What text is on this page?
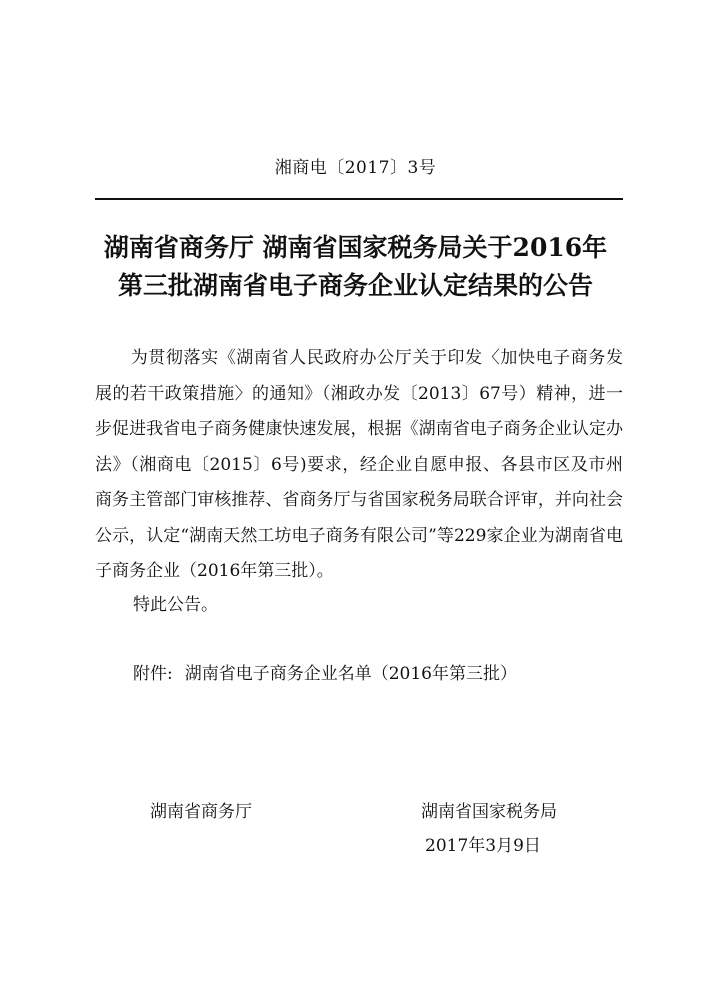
湘商电〔2017〕3号
湖南省商务厅 湖南省国家税务局关于2016年
第三批湖南省电子商务企业认定结果的公告

为贯彻落实《湖南省人民政府办公厅关于印发〈加快电子商务发展的若干政策措施〉的通知》（湘政办发〔2013〕67号）精神，进一步促进我省电子商务健康快速发展，根据《湖南省电子商务企业认定办法》（湘商电〔2015〕6号)要求，经企业自愿申报、各县市区及市州商务主管部门审核推荐、省商务厅与省国家税务局联合评审，并向社会公示，认定“湖南天然工坊电子商务有限公司”等229家企业为湖南省电子商务企业（2016年第三批）。

特此公告。
附件: 湖南省电子商务企业名单（2016年第三批）
湖南省商务厅	湖南省国家税务局
2017年3月9日
